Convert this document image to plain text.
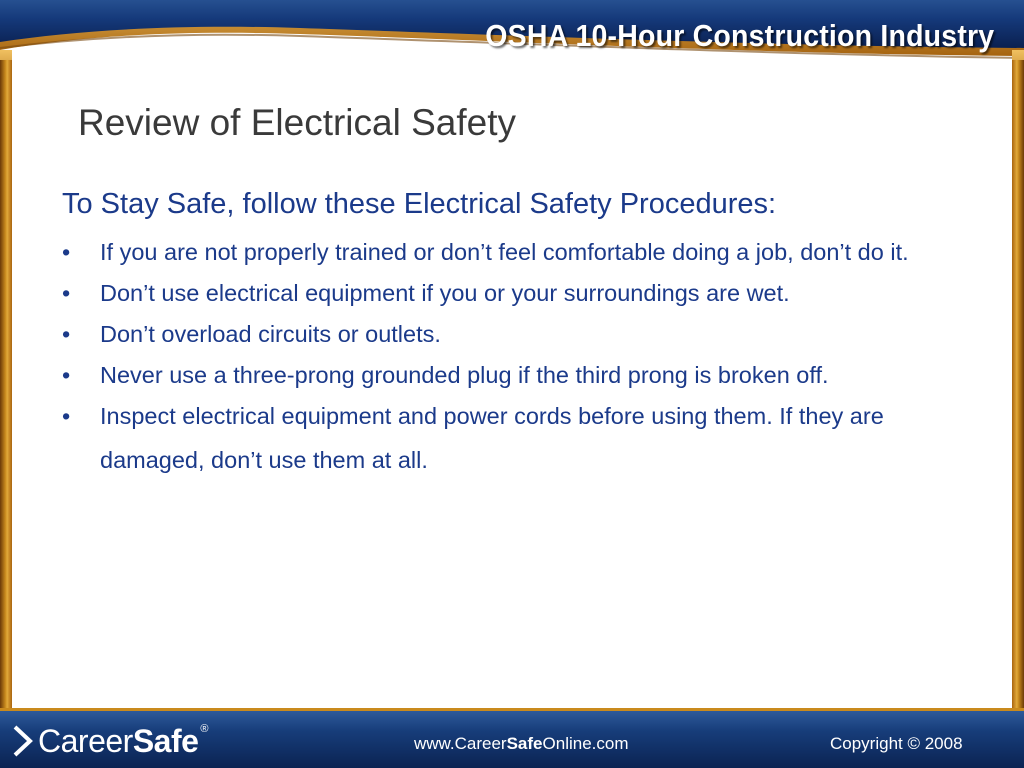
OSHA 10-Hour Construction Industry
Review of Electrical Safety
To Stay Safe, follow these Electrical Safety Procedures:
• If you are not properly trained or don’t feel comfortable doing a job, don’t do it.
• Don’t use electrical equipment if you or your surroundings are wet.
• Don’t overload circuits or outlets.
• Never use a three-prong grounded plug if the third prong is broken off.
• Inspect electrical equipment and power cords before using them. If they are damaged, don’t use them at all.
CareerSafe ®
www.CareerSafeOnline.com	Copyright © 2008
